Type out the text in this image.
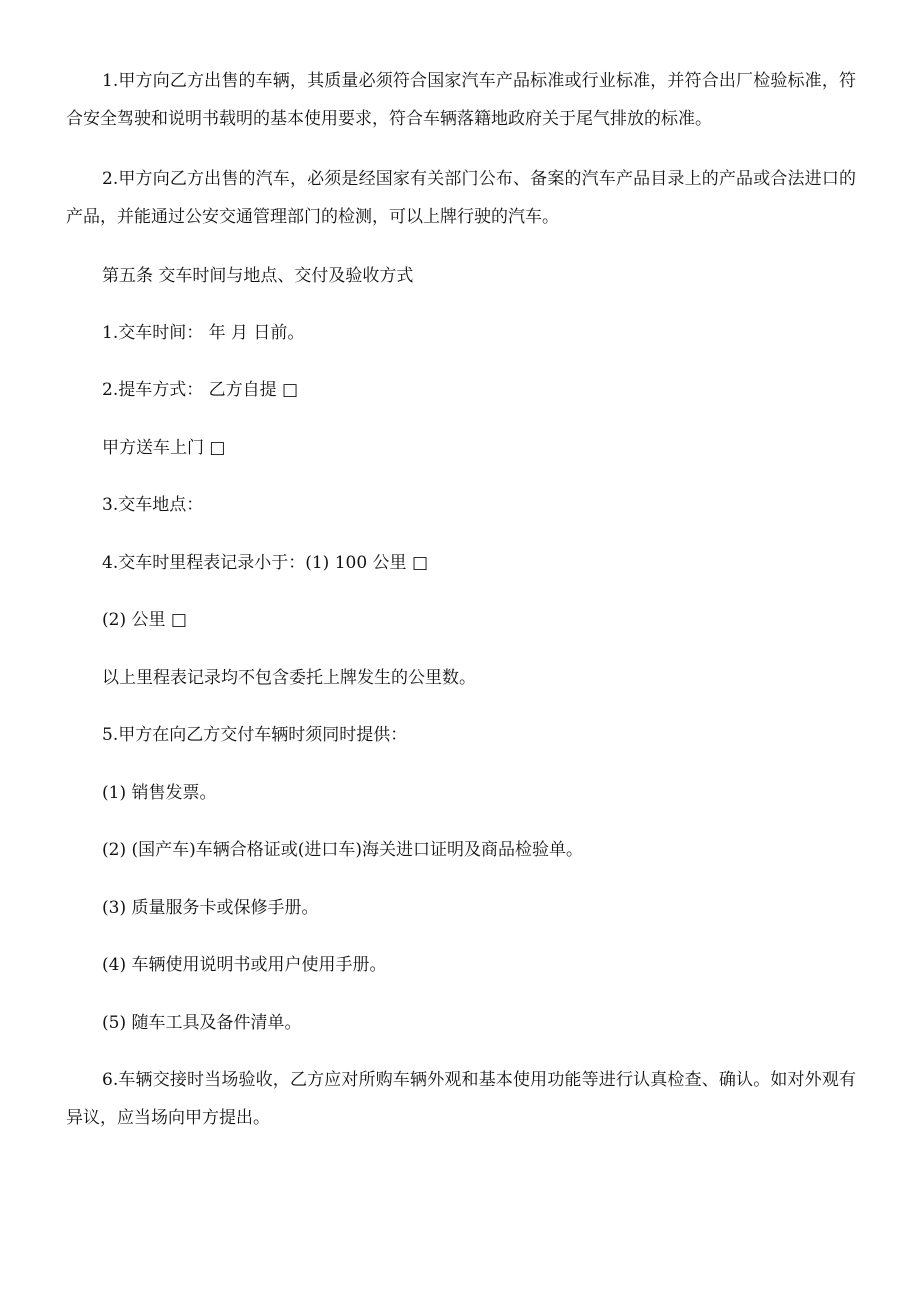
1.甲方向乙方出售的车辆，其质量必须符合国家汽车产品标准或行业标准，并符合出厂检验标准，符合安全驾驶和说明书载明的基本使用要求，符合车辆落籍地政府关于尾气排放的标准。

2.甲方向乙方出售的汽车，必须是经国家有关部门公布、备案的汽车产品目录上的产品或合法进口的产品，并能通过公安交通管理部门的检测，可以上牌行驶的汽车。

第五条 交车时间与地点、交付及验收方式

1.交车时间： 年 月 日前。

2.提车方式： 乙方自提 □

甲方送车上门 □

3.交车地点：

4.交车时里程表记录小于：(1) 100 公里 □

(2) 公里 □

以上里程表记录均不包含委托上牌发生的公里数。

5.甲方在向乙方交付车辆时须同时提供：

(1) 销售发票。

(2) (国产车)车辆合格证或(进口车)海关进口证明及商品检验单。

(3) 质量服务卡或保修手册。

(4) 车辆使用说明书或用户使用手册。

(5) 随车工具及备件清单。

6.车辆交接时当场验收，乙方应对所购车辆外观和基本使用功能等进行认真检查、确认。如对外观有异议，应当场向甲方提出。
